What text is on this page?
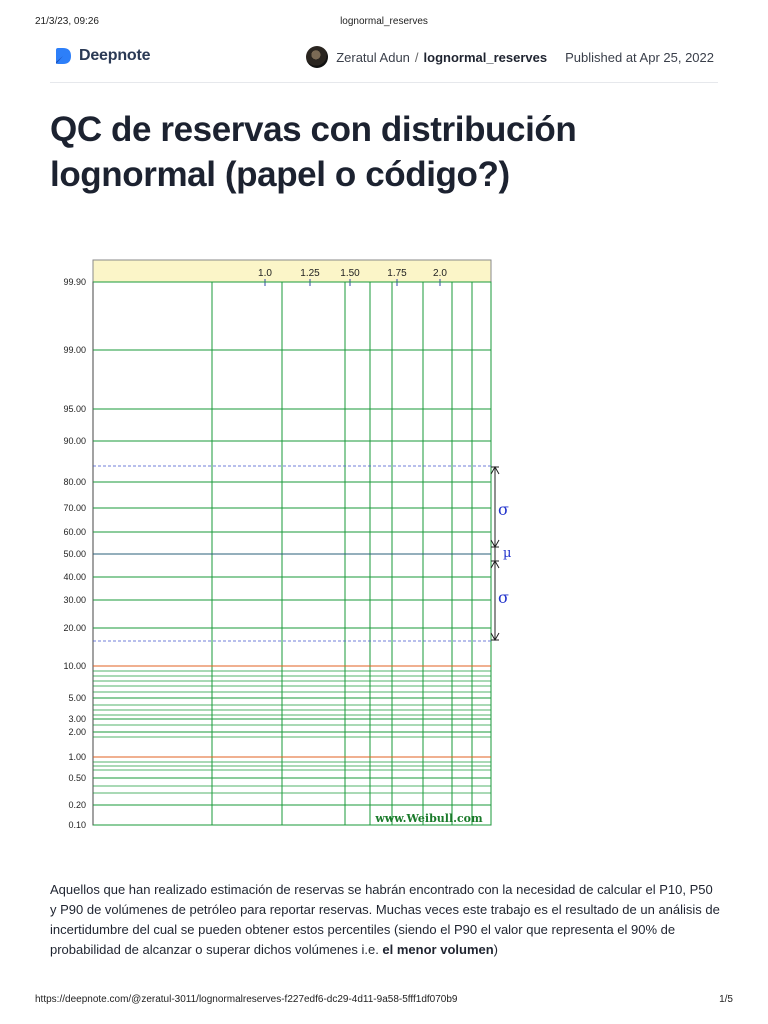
21/3/23, 09:26	lognormal_reserves
Deepnote	Zeratul Adun / lognormal_reserves Published at Apr 25, 2022
QC de reservas con distribución lognormal (papel o código?)
1.0	1.25 1.50	1.75	2.0
99.90
99.00
95.00
90.00
80.00
70.00
60.00
50.00
40.00
30.00
20.00
10.00
5.00
3.00
2.00
1.00
0.50
0.20
0.10
σ
µ
σ
www.Weibull.com

Aquellos que han realizado estimación de reservas se habrán encontrado con la necesidad de calcular el P10, P50 y P90 de volúmenes de petróleo para reportar reservas. Muchas veces este trabajo es el resultado de un análisis de incertidumbre del cual se pueden obtener estos percentiles (siendo el P90 el valor que representa el 90% de probabilidad de alcanzar o superar dichos volúmenes i.e. el menor volumen)

https://deepnote.com/@zeratul-3011/lognormalreserves-f227edf6-dc29-4d11-9a58-5fff1df070b9	1/5
